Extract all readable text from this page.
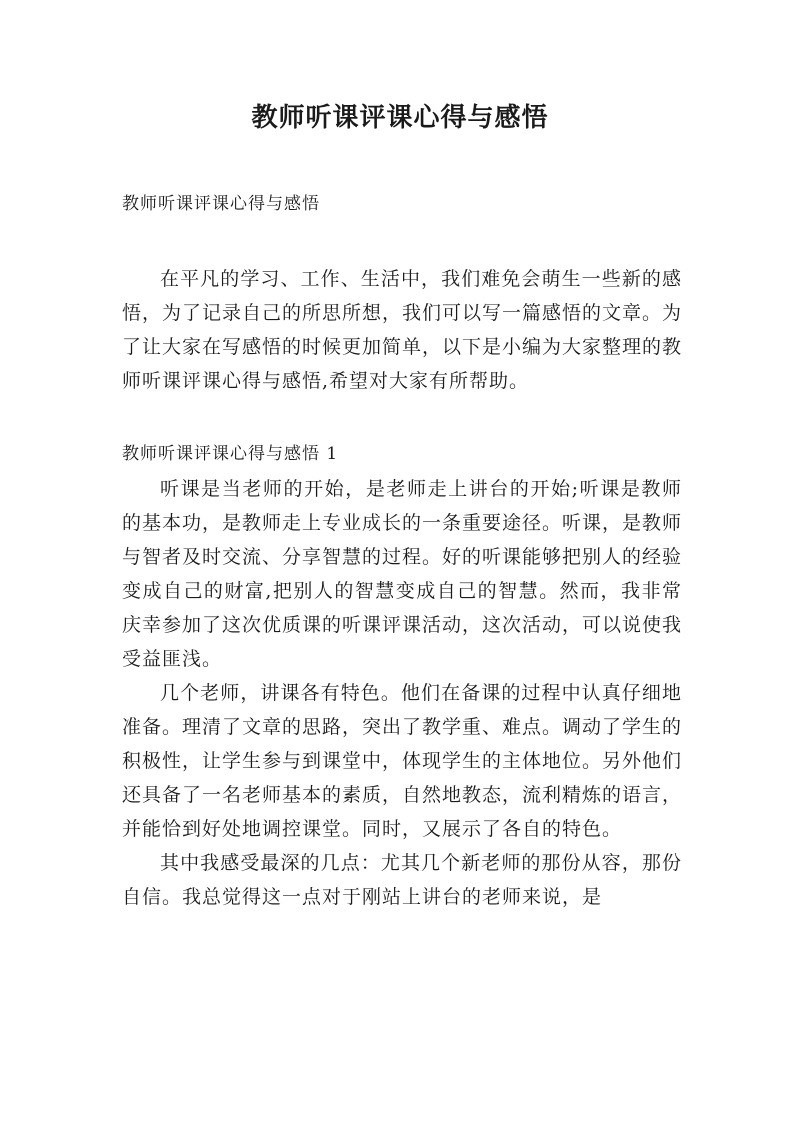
教师听课评课心得与感悟

教师听课评课心得与感悟

在平凡的学习、工作、生活中，我们难免会萌生一些新的感悟，为了记录自己的所思所想，我们可以写一篇感悟的文章。为了让大家在写感悟的时候更加简单，以下是小编为大家整理的教师听课评课心得与感悟,希望对大家有所帮助。

教师听课评课心得与感悟 1

听课是当老师的开始，是老师走上讲台的开始;听课是教师的基本功，是教师走上专业成长的一条重要途径。听课，是教师与智者及时交流、分享智慧的过程。好的听课能够把别人的经验变成自己的财富,把别人的智慧变成自己的智慧。然而，我非常庆幸参加了这次优质课的听课评课活动，这次活动，可以说使我受益匪浅。

几个老师，讲课各有特色。他们在备课的过程中认真仔细地准备。理清了文章的思路，突出了教学重、难点。调动了学生的积极性，让学生参与到课堂中，体现学生的主体地位。另外他们还具备了一名老师基本的素质，自然地教态，流利精炼的语言，并能恰到好处地调控课堂。同时，又展示了各自的特色。

其中我感受最深的几点：尤其几个新老师的那份从容，那份自信。我总觉得这一点对于刚站上讲台的老师来说，是
